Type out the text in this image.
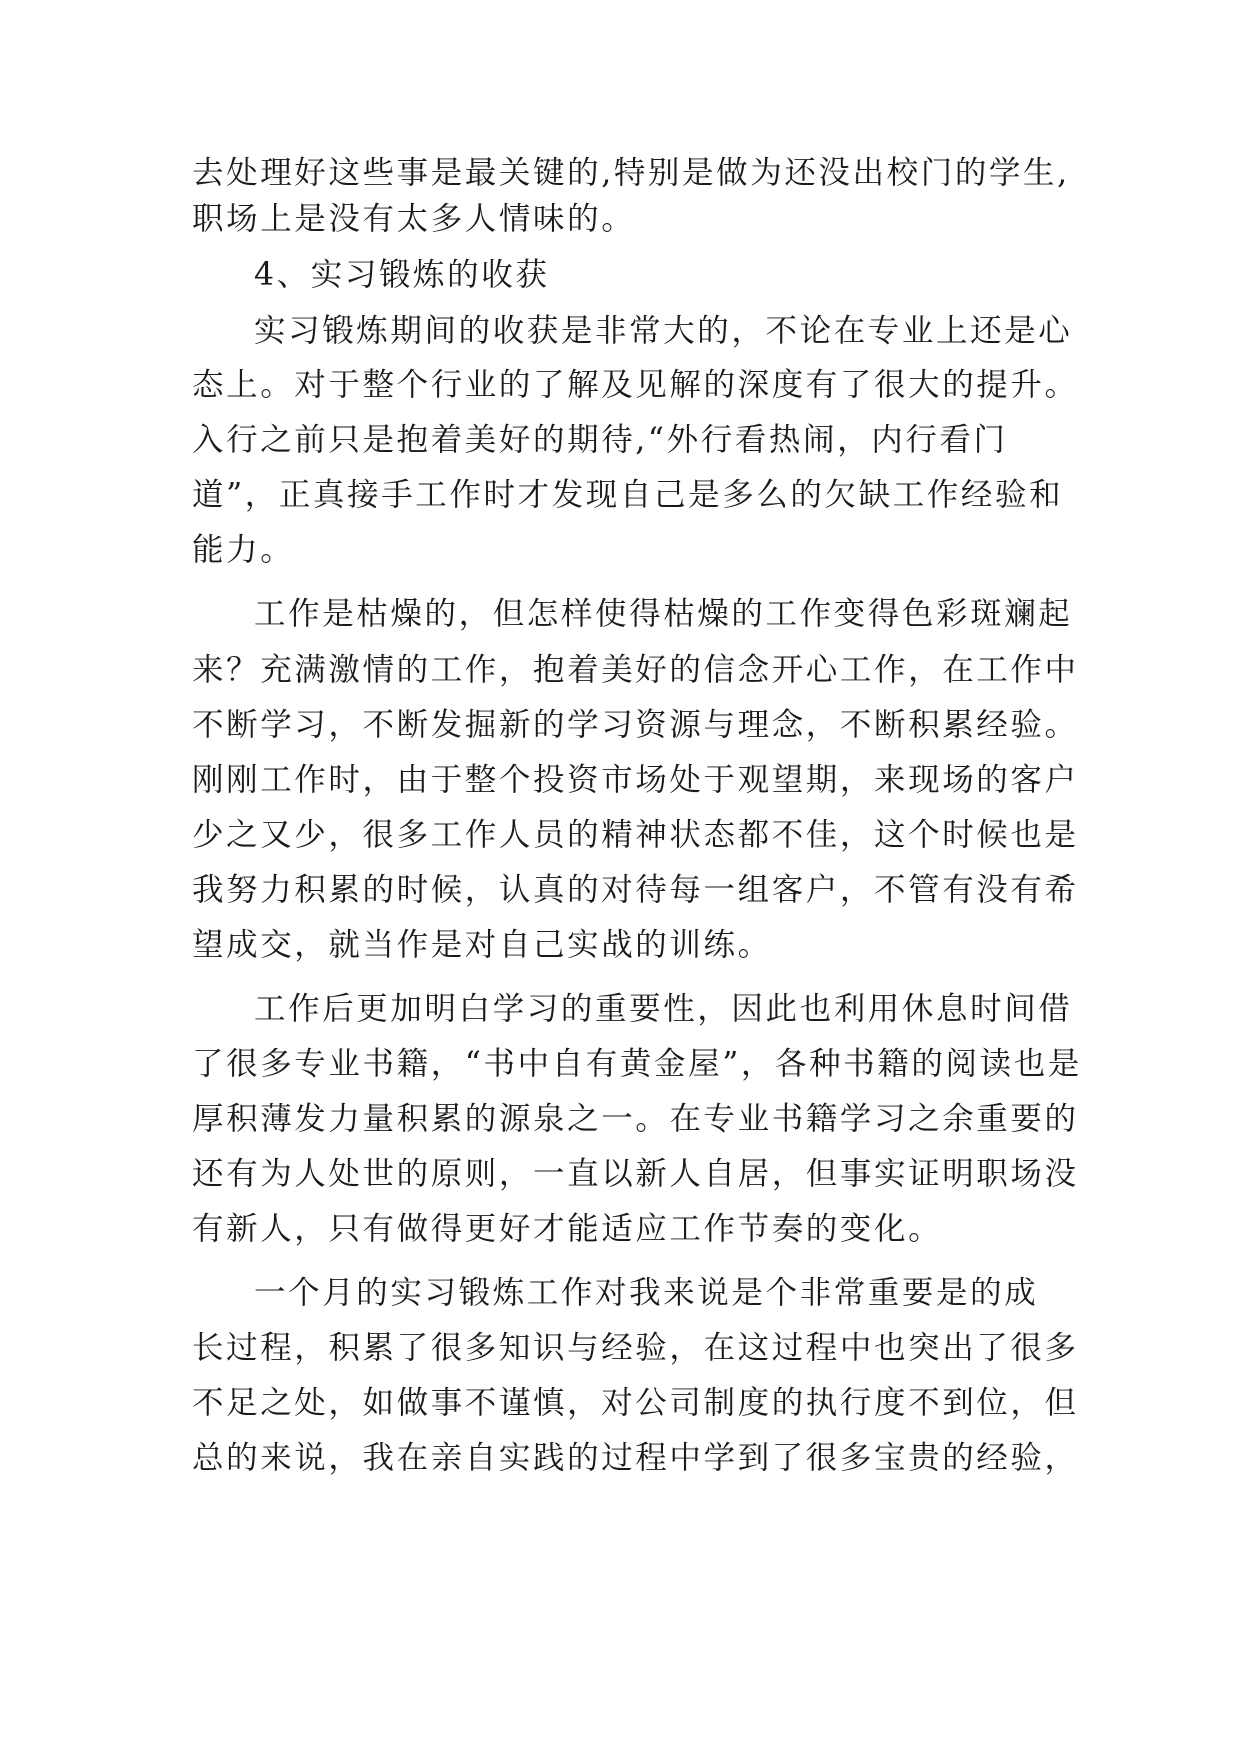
去处理好这些事是最关键的,特别是做为还没出校门的学生,
职场上是没有太多人情味的。
4、实习锻炼的收获
实习锻炼期间的收获是非常大的，不论在专业上还是心
态上。对于整个行业的了解及见解的深度有了很大的提升。
入行之前只是抱着美好的期待,“外行看热闹，内行看门
道”，正真接手工作时才发现自己是多么的欠缺工作经验和
能力。
工作是枯燥的，但怎样使得枯燥的工作变得色彩斑斓起
来？充满激情的工作，抱着美好的信念开心工作，在工作中
不断学习，不断发掘新的学习资源与理念，不断积累经验。
刚刚工作时，由于整个投资市场处于观望期，来现场的客户
少之又少，很多工作人员的精神状态都不佳，这个时候也是
我努力积累的时候，认真的对待每一组客户，不管有没有希
望成交，就当作是对自己实战的训练。
工作后更加明白学习的重要性，因此也利用休息时间借
了很多专业书籍，“书中自有黄金屋”，各种书籍的阅读也是
厚积薄发力量积累的源泉之一。在专业书籍学习之余重要的
还有为人处世的原则，一直以新人自居，但事实证明职场没
有新人，只有做得更好才能适应工作节奏的变化。
一个月的实习锻炼工作对我来说是个非常重要是的成
长过程，积累了很多知识与经验，在这过程中也突出了很多
不足之处，如做事不谨慎，对公司制度的执行度不到位，但
总的来说，我在亲自实践的过程中学到了很多宝贵的经验，
